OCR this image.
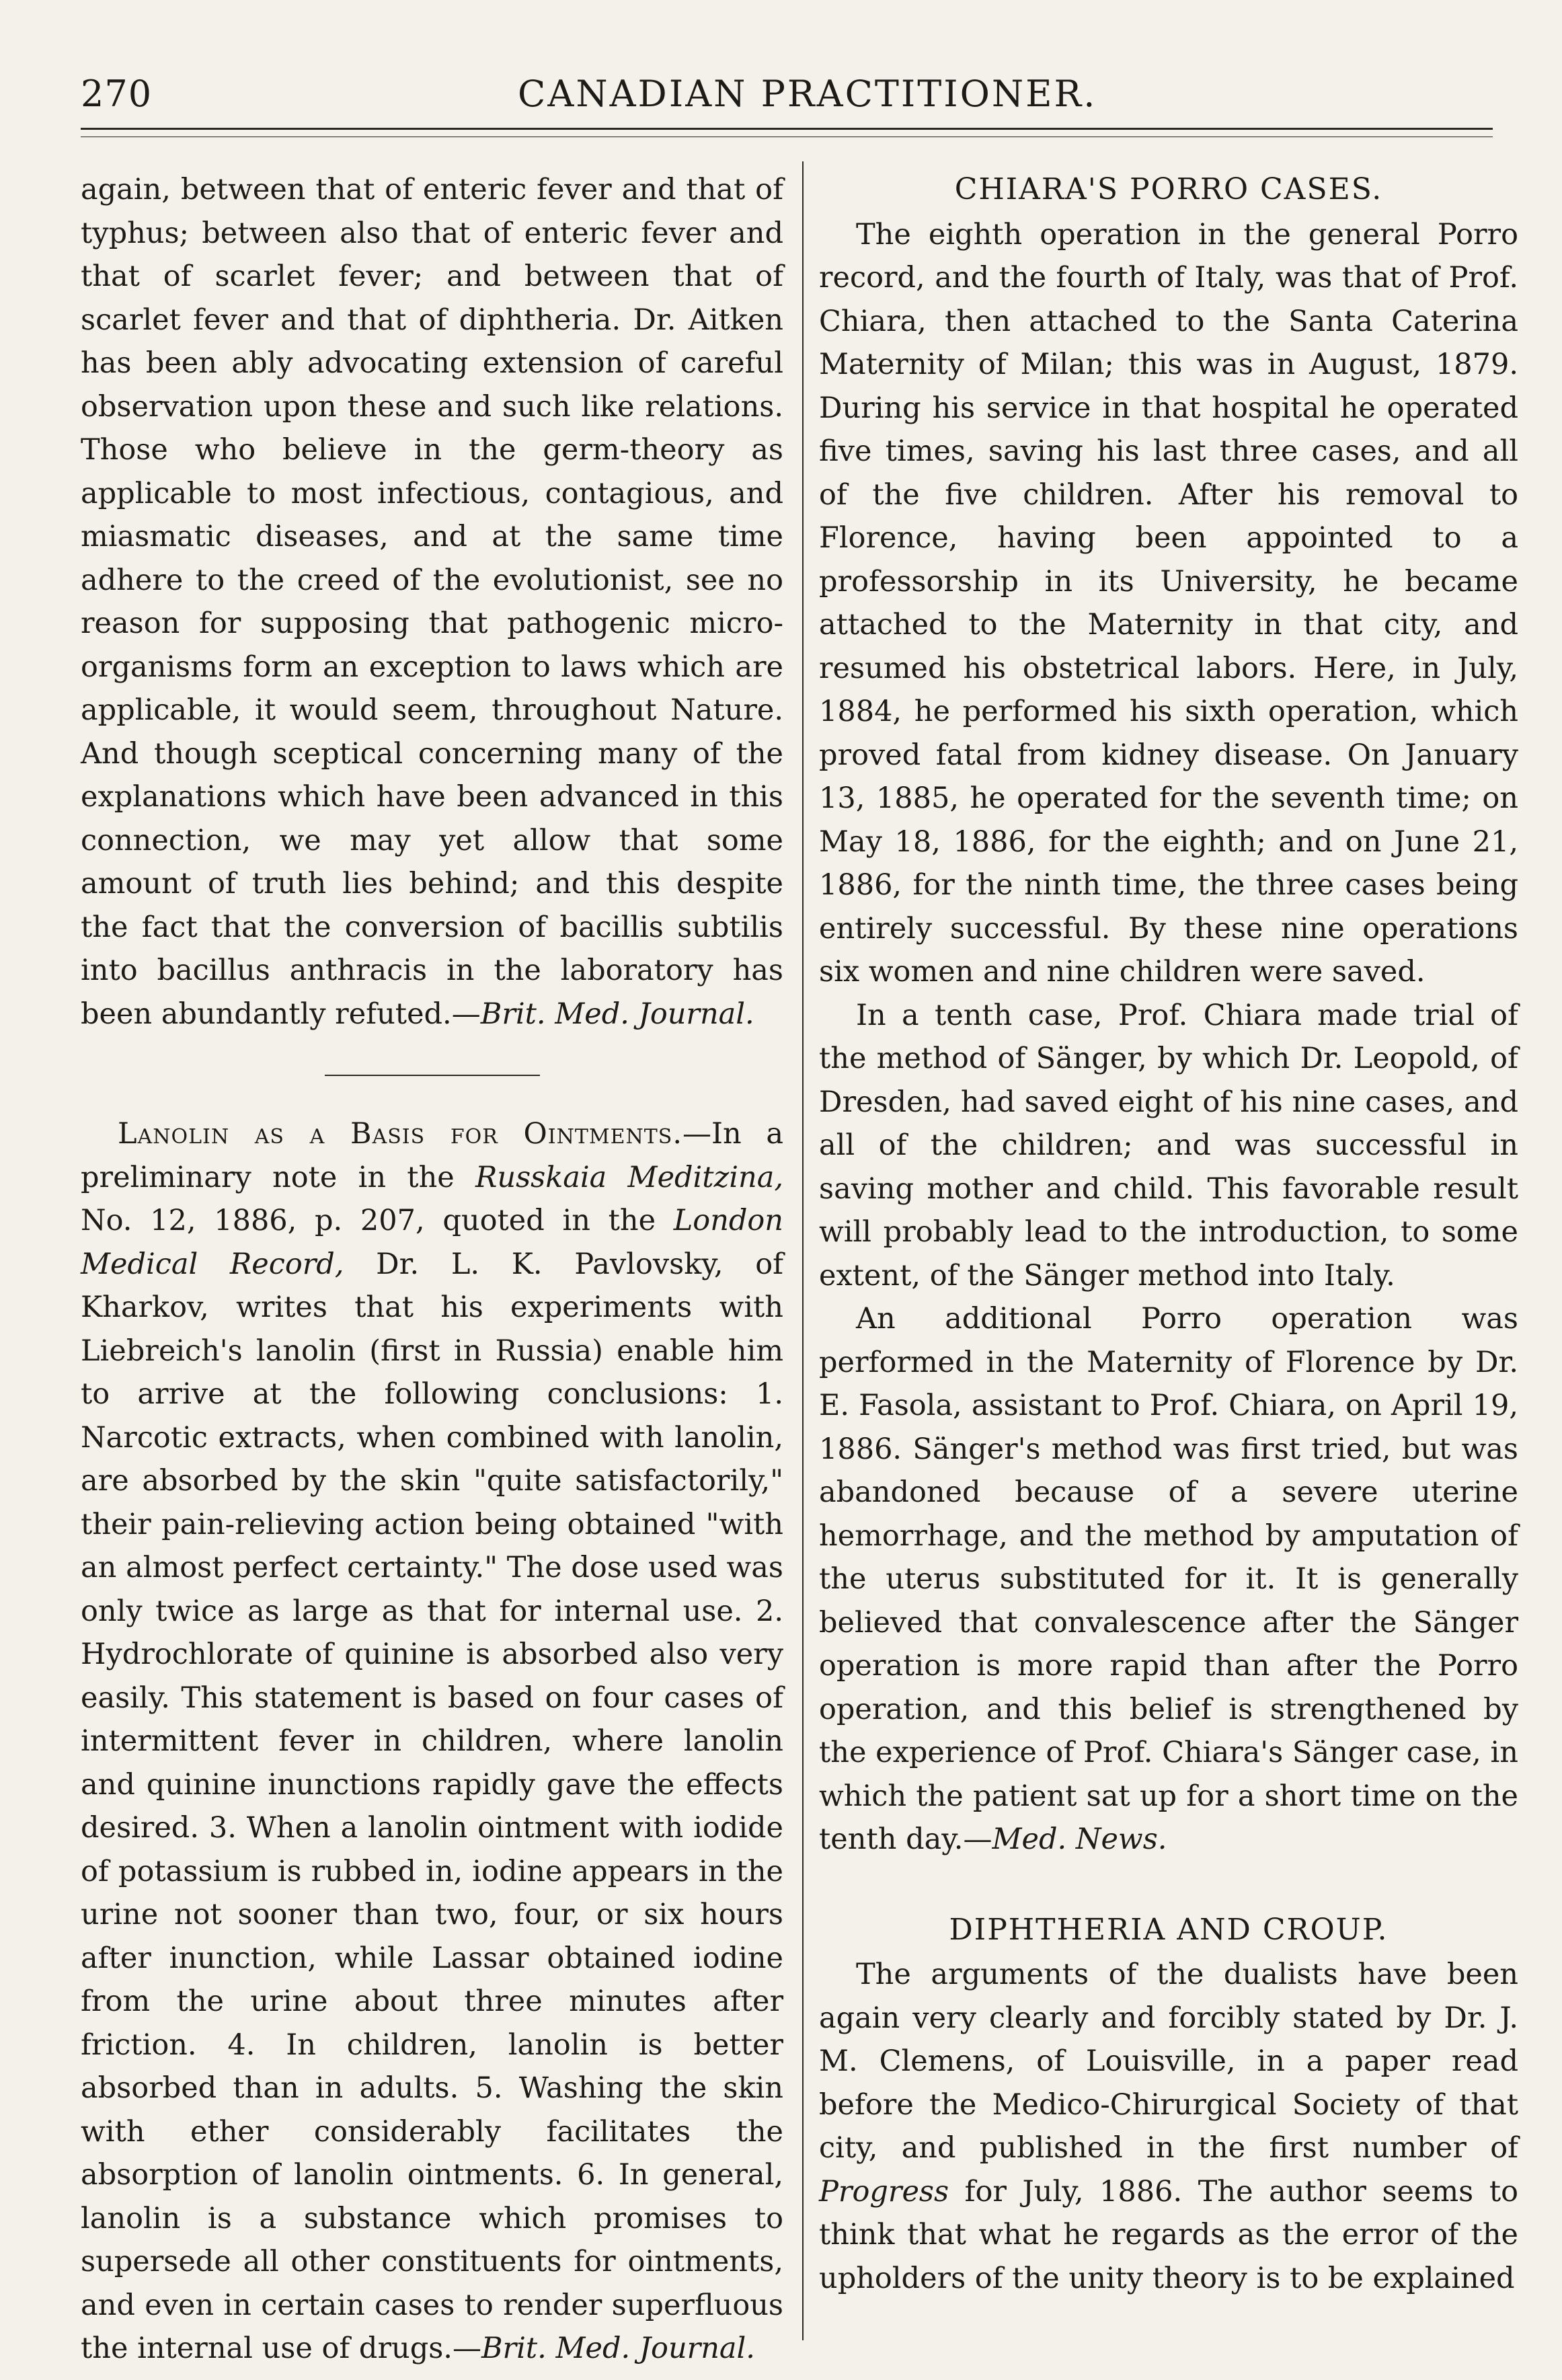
270	CANADIAN PRACTITIONER.

again, between that of enteric fever and that of typhus; between also that of enteric fever and that of scarlet fever; and between that of scarlet fever and that of diphtheria. Dr. Aitken has been ably advocating extension of careful observation upon these and such like relations. Those who believe in the germ-theory as applicable to most infectious, contagious, and miasmatic diseases, and at the same time adhere to the creed of the evolutionist, see no reason for supposing that pathogenic micro-organisms form an exception to laws which are applicable, it would seem, throughout Nature. And though sceptical concerning many of the explanations which have been advanced in this connection, we may yet allow that some amount of truth lies behind; and this despite the fact that the conversion of bacillis subtilis into bacillus anthracis in the laboratory has been abundantly refuted.—Brit. Med. Journal.

Lanolin as a Basis for Ointments.—In a preliminary note in the Russkaia Meditzina, No. 12, 1886, p. 207, quoted in the London Medical Record, Dr. L. K. Pavlovsky, of Kharkov, writes that his experiments with Liebreich's lanolin (first in Russia) enable him to arrive at the following conclusions: 1. Narcotic extracts, when combined with lanolin, are absorbed by the skin "quite satisfactorily," their pain-relieving action being obtained "with an almost perfect certainty." The dose used was only twice as large as that for internal use. 2. Hydrochlorate of quinine is absorbed also very easily. This statement is based on four cases of intermittent fever in children, where lanolin and quinine inunctions rapidly gave the effects desired. 3. When a lanolin ointment with iodide of potassium is rubbed in, iodine appears in the urine not sooner than two, four, or six hours after inunction, while Lassar obtained iodine from the urine about three minutes after friction. 4. In children, lanolin is better absorbed than in adults. 5. Washing the skin with ether considerably facilitates the absorption of lanolin ointments. 6. In general, lanolin is a substance which promises to supersede all other constituents for ointments, and even in certain cases to render superfluous the internal use of drugs.—Brit. Med. Journal.

CHIARA'S PORRO CASES.

The eighth operation in the general Porro record, and the fourth of Italy, was that of Prof. Chiara, then attached to the Santa Caterina Maternity of Milan; this was in August, 1879. During his service in that hospital he operated five times, saving his last three cases, and all of the five children. After his removal to Florence, having been appointed to a professorship in its University, he became attached to the Maternity in that city, and resumed his obstetrical labors. Here, in July, 1884, he performed his sixth operation, which proved fatal from kidney disease. On January 13, 1885, he operated for the seventh time; on May 18, 1886, for the eighth; and on June 21, 1886, for the ninth time, the three cases being entirely successful. By these nine operations six women and nine children were saved.

In a tenth case, Prof. Chiara made trial of the method of Sänger, by which Dr. Leopold, of Dresden, had saved eight of his nine cases, and all of the children; and was successful in saving mother and child. This favorable result will probably lead to the introduction, to some extent, of the Sänger method into Italy.

An additional Porro operation was performed in the Maternity of Florence by Dr. E. Fasola, assistant to Prof. Chiara, on April 19, 1886. Sänger's method was first tried, but was abandoned because of a severe uterine hemorrhage, and the method by amputation of the uterus substituted for it. It is generally believed that convalescence after the Sänger operation is more rapid than after the Porro operation, and this belief is strengthened by the experience of Prof. Chiara's Sänger case, in which the patient sat up for a short time on the tenth day.—Med. News.

DIPHTHERIA AND CROUP.

The arguments of the dualists have been again very clearly and forcibly stated by Dr. J. M. Clemens, of Louisville, in a paper read before the Medico-Chirurgical Society of that city, and published in the first number of Progress for July, 1886. The author seems to think that what he regards as the error of the upholders of the unity theory is to be explained
